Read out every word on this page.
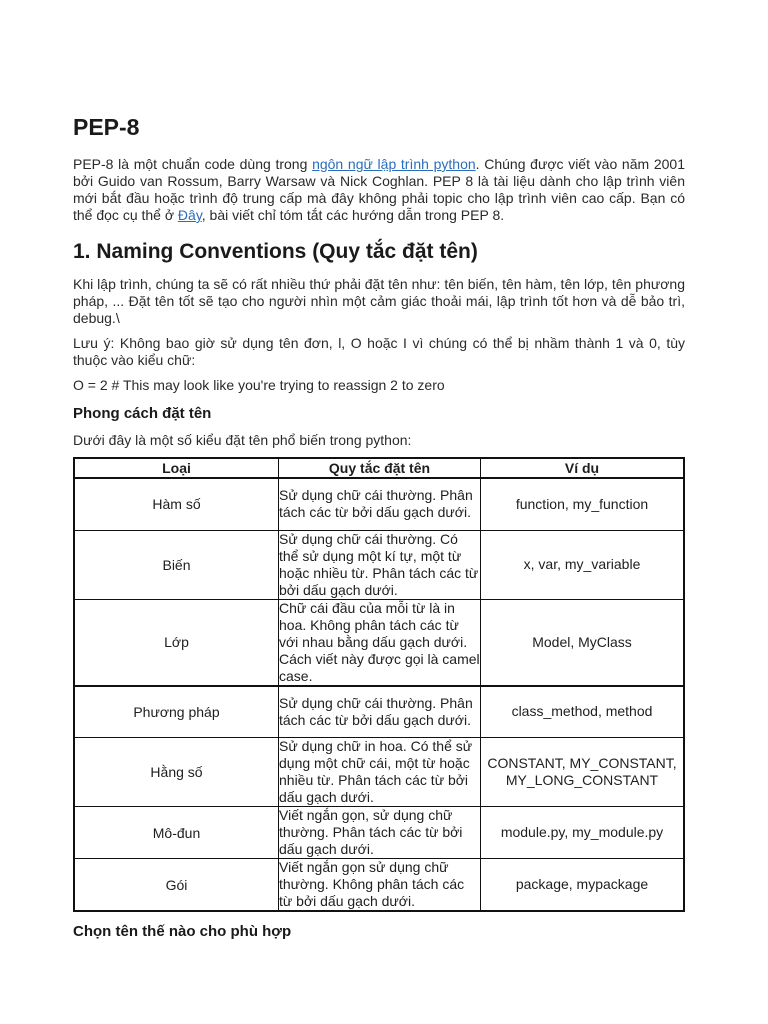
PEP-8

PEP-8 là một chuẩn code dùng trong ngôn ngữ lập trình python. Chúng được viết vào năm 2001 bởi Guido van Rossum, Barry Warsaw và Nick Coghlan. PEP 8 là tài liệu dành cho lập trình viên mới bắt đầu hoặc trình độ trung cấp mà đây không phải topic cho lập trình viên cao cấp. Bạn có thể đọc cụ thể ở Đây, bài viết chỉ tóm tắt các hướng dẫn trong PEP 8.

1. Naming Conventions (Quy tắc đặt tên)

Khi lập trình, chúng ta sẽ có rất nhiều thứ phải đặt tên như: tên biến, tên hàm, tên lớp, tên phương pháp, ... Đặt tên tốt sẽ tạo cho người nhìn một cảm giác thoải mái, lập trình tốt hơn và dễ bảo trì, debug.\

Lưu ý: Không bao giờ sử dụng tên đơn, l, O hoặc I vì chúng có thể bị nhầm thành 1 và 0, tùy thuộc vào kiểu chữ:

O = 2 # This may look like you're trying to reassign 2 to zero
Phong cách đặt tên

Dưới đây là một số kiểu đặt tên phổ biến trong python:

Loại	Quy tắc đặt tên	Ví dụ
Hàm số	Sử dụng chữ cái thường. Phân tách các từ bởi dấu gạch dưới.	function, my_function
Biến	Sử dụng chữ cái thường. Có thể sử dụng một kí tự, một từ hoặc nhiều từ. Phân tách các từ bởi dấu gạch dưới.	x, var, my_variable
Lớp	Chữ cái đầu của mỗi từ là in hoa. Không phân tách các từ với nhau bằng dấu gạch dưới. Cách viết này được gọi là camel case.	Model, MyClass
Phương pháp	Sử dụng chữ cái thường. Phân tách các từ bởi dấu gạch dưới.	class_method, method
Hằng số	Sử dụng chữ in hoa. Có thể sử dụng một chữ cái, một từ hoặc nhiều từ. Phân tách các từ bởi dấu gạch dưới.	CONSTANT, MY_CONSTANT, MY_LONG_CONSTANT
Mô-đun	Viết ngắn gọn, sử dụng chữ thường. Phân tách các từ bởi dấu gạch dưới.	module.py, my_module.py
Gói	Viết ngắn gọn sử dụng chữ thường. Không phân tách các từ bởi dấu gạch dưới.	package, mypackage
Chọn tên thế nào cho phù hợp
